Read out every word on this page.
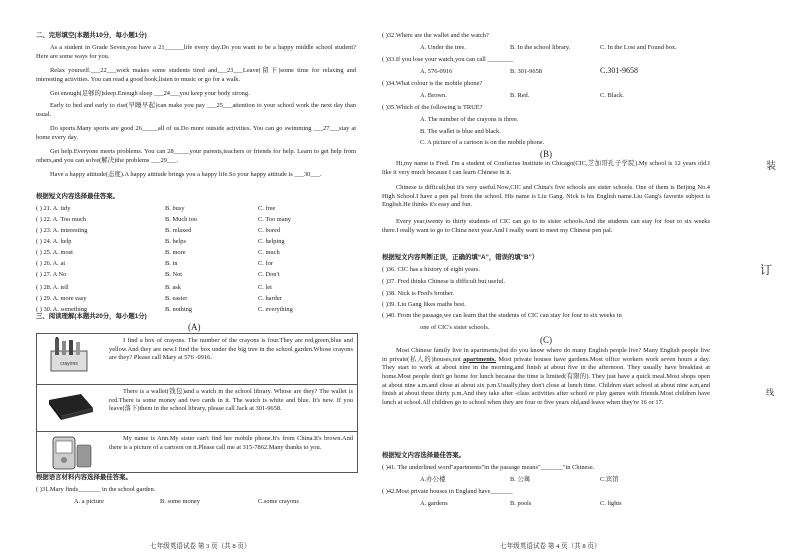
二、完形填空(本题共10分，每小题1分)
As a student in Grade Seven,you have a 21______life every day.Do you want to be a happy middle school student? Here are some ways for you.
Relax yourself.___22___work makes some students tired and___23___Leave(留下)some time for relaxing and interesting activities. You can read a good book,listen to music or go for a walk.
Get enough(足够的)sleep.Enough sleep ___24___you keep your body strong.
Early to bed and early to rise(早睡早起)can make you pay ___25___attention to your school work the next day than usual.
Do sports.Many sports are good 26_____all of us.Do more outside activities. You can go swimming ___27___stay at home every day.
Get help.Everyone meets problems. You can 28_____your parents,teachers or friends for help. Learn to get help from others,and you can solve(解决)the problems ___29___.
Have a happy attitude(态度).A happy attitude brings you a happy life.So your happy attitude is ___30___.
根据短文内容选择最佳答案。
( ) 21. A. tidy	B. busy	C. free
( ) 22. A. Too much	B. Much too	C. Too many
( ) 23. A. interesting	B. relaxed	C. bored
( ) 24. A. help	B. helps	C. helping
( ) 25. A. most	B. more	C. much
( ) 26. A. at	B. in	C. for
( ) 27. A No	B. Not	C. Don't
( ) 28. A. tell	B. ask	C. let
( ) 29. A. more easy	B. easier	C. harder
( ) 30. A. something	B. nothing	C. everything
三、阅读理解(本题共20分，每小题1分)
(A)
crayons
I find a box of crayons. The number of the crayons is four.They are red,green,blue and yellow.And they are new.I find the box under the big tree in the school garden.Whose crayons are they? Please call Mary at 576 -0916.
There is a wallet(钱包)and a watch in the school library. Whose are they? The wallet is red.There is some money and two cards in it. The watch is white and blue. It's new. If you leave(落下)them in the school library, please call Jack at 301-9658.
My name is Ann.My sister can't find her mobile phone.It's from China.It's brown.And there is a picture of a cartoon on it.Please call me at 315-7862.Many thanks to you.
根据语言材料内容选择最佳答案。
( )31.Mary finds_______ in the school garden.
A. a picture	B. some money	C.some crayons
七年级英语试卷 第 3 页（共 8 页）
( )32.Where are the wallet and the watch?
A. Under the tree.	B. In the school library.	C. In the Lost and Found box.
( )33.If you lose your watch,you can call ________
A. 576-0916	B. 301-9658	C.301-9658
( )34.What colour is the mobile phone?
A. Brown.	B. Red.	C. Black.
( )35.Which of the following is TRUE?
A. The number of the crayons is three.
B. The wallet is blue and black.
C. A picture of a cartoon is on the mobile phone.
(B)
Hi,my name is Fred. I'm a student of Confucius Institute in Chicago(CIC,芝加哥孔子学院).My school is 12 years old.I like it very much because I can learn Chinese in it.
Chinese is difficult,but it's very useful.Now,CIC and China's five schools are sister schools. One of them is Beijing No.4 High School.I have a pen pal from the school. His name is Liu Gang. Nick is his English name.Liu Gang's favorite subject is English.He thinks it's easy and fun.
Every year,twenty to thirty students of CIC can go to its sister schools.And the students can stay for four to six weeks there.I really want to go to China next year.And I really want to meet my Chinese pen pal.
根据短文内容判断正误，正确的填“A”，错误的填“B”）
( )36. CIC has a history of eight years.
( )37. Fred thinks Chinese is difficult but useful.
( )38. Nick is Fred's brother.
( )39. Liu Gang likes maths best.
( )40. From the passage,we can learn that the students of CIC can stay for four to six weeks in
one of CIC's sister schools.
(C)
Most Chinese family live in apartments,but do you know where do many English people live? Many English people live in private(私人的)houses,not apartments. Most private houses have gardens.Most office workers work seven hours a day. They start to work at about nine in the morning,and finish at about five in the afternoon. They usually have breakfast at home.Most people don't go home for lunch because the time is limited(有限的). They just have a quick meal.Most shops open at about nine a.m.and close at about six p.m.Usually,they don't close at lunch time. Children start school at about nine a.m,and finish at about three thirty p.m.And they take after -class activities after school or play games with friends.Most children have lunch at school.All children go to school when they are four or five years old,and leave when they're 16 or 17.
根据短文内容选择最佳答案。
( )41. The underlined word"apartments"in the passage means"_______"in Chinese.
A.办公楼	B. 公寓	C.宾馆
( )42.Most private houses in England have_______
A. gardens	B. pools	C. lights
七年级英语试卷 第 4 页（共 8 页）
装
订
线
